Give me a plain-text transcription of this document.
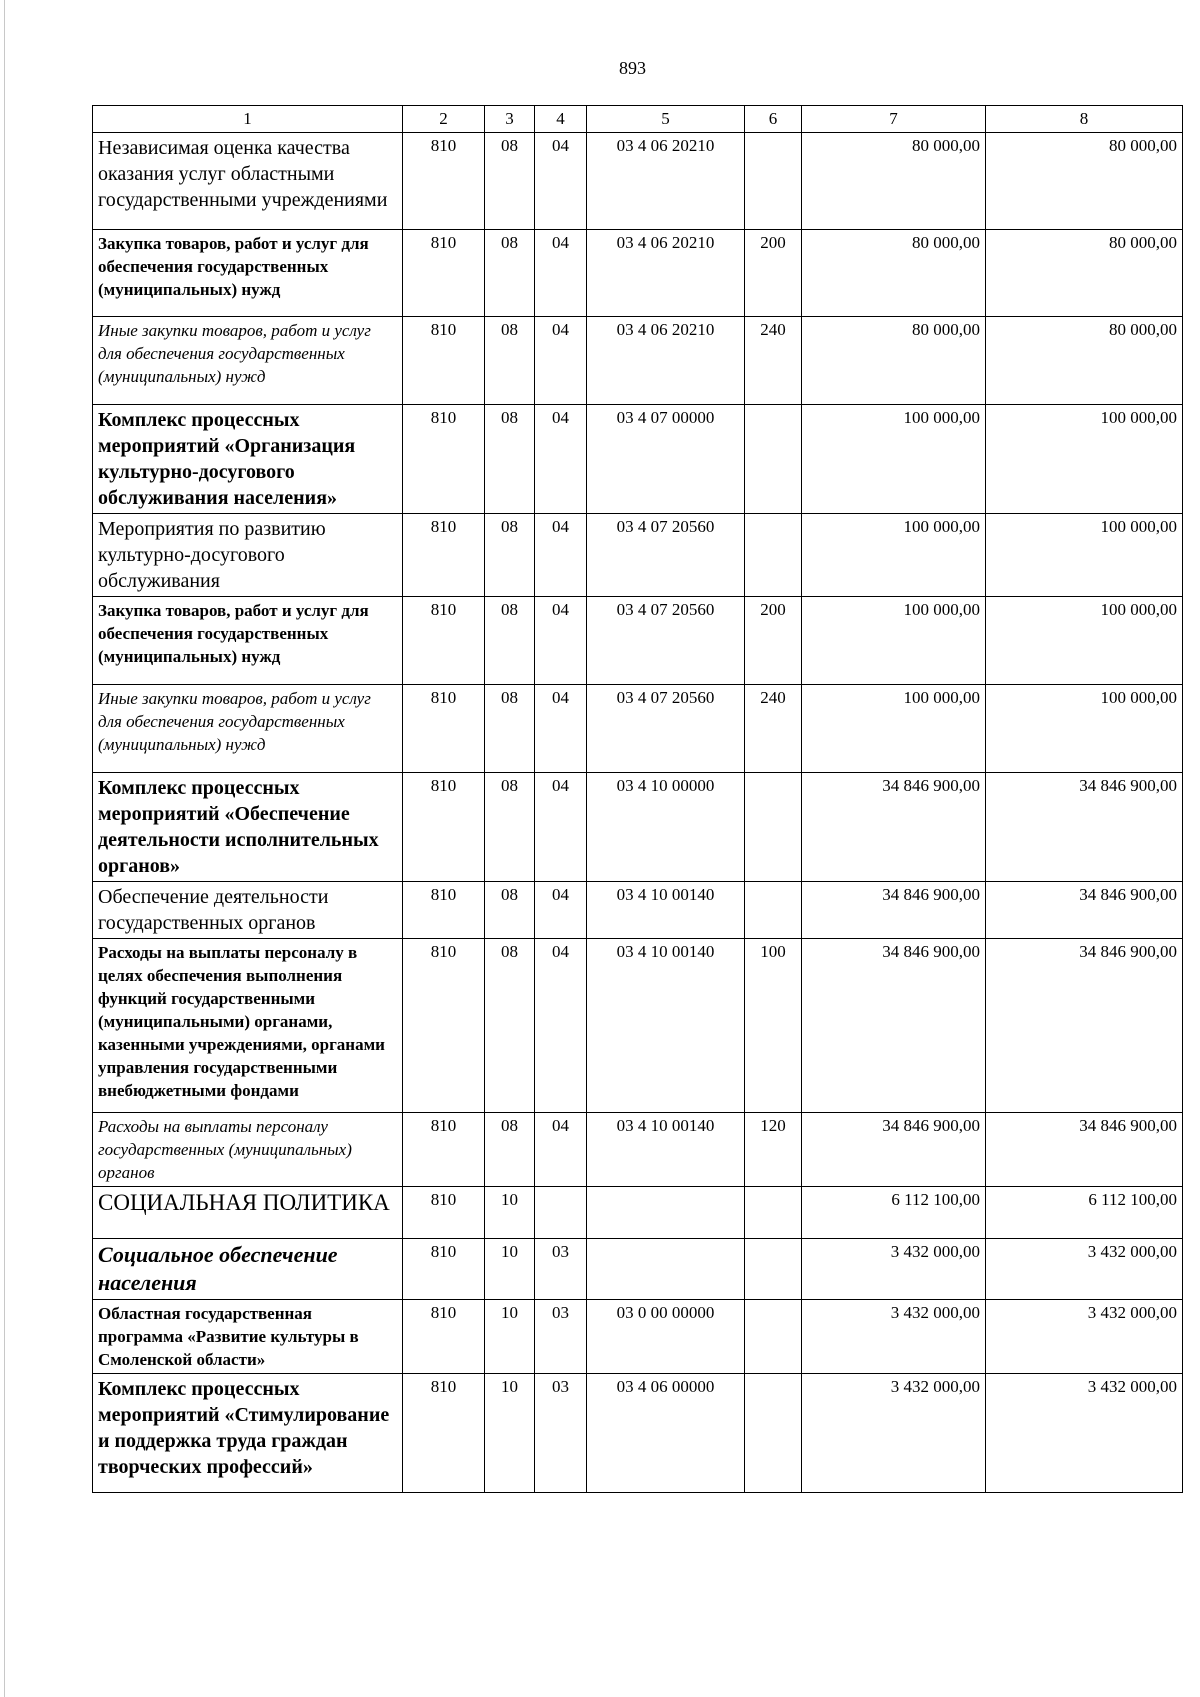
893
1	2	3	4	5	6	7	8
Независимая оценка качества оказания услуг областными государственными учреждениями	810	08	04	03 4 06 20210		80 000,00	80 000,00
Закупка товаров, работ и услуг для обеспечения государственных (муниципальных) нужд	810	08	04	03 4 06 20210	200	80 000,00	80 000,00
Иные закупки товаров, работ и услуг для обеспечения государственных (муниципальных) нужд	810	08	04	03 4 06 20210	240	80 000,00	80 000,00
Комплекс процессных мероприятий «Организация культурно-досугового обслуживания населения»	810	08	04	03 4 07 00000		100 000,00	100 000,00
Мероприятия по развитию культурно-досугового обслуживания	810	08	04	03 4 07 20560		100 000,00	100 000,00
Закупка товаров, работ и услуг для обеспечения государственных (муниципальных) нужд	810	08	04	03 4 07 20560	200	100 000,00	100 000,00
Иные закупки товаров, работ и услуг для обеспечения государственных (муниципальных) нужд	810	08	04	03 4 07 20560	240	100 000,00	100 000,00
Комплекс процессных мероприятий «Обеспечение деятельности исполнительных органов»	810	08	04	03 4 10 00000		34 846 900,00	34 846 900,00
Обеспечение деятельности государственных органов	810	08	04	03 4 10 00140		34 846 900,00	34 846 900,00
Расходы на выплаты персоналу в целях обеспечения выполнения функций государственными (муниципальными) органами, казенными учреждениями, органами управления государственными внебюджетными фондами	810	08	04	03 4 10 00140	100	34 846 900,00	34 846 900,00
Расходы на выплаты персоналу государственных (муниципальных) органов	810	08	04	03 4 10 00140	120	34 846 900,00	34 846 900,00
СОЦИАЛЬНАЯ ПОЛИТИКА	810	10				6 112 100,00	6 112 100,00
Социальное обеспечение населения	810	10	03			3 432 000,00	3 432 000,00
Областная государственная программа «Развитие культуры в Смоленской области»	810	10	03	03 0 00 00000		3 432 000,00	3 432 000,00
Комплекс процессных мероприятий «Стимулирование и поддержка труда граждан творческих профессий»	810	10	03	03 4 06 00000		3 432 000,00	3 432 000,00
